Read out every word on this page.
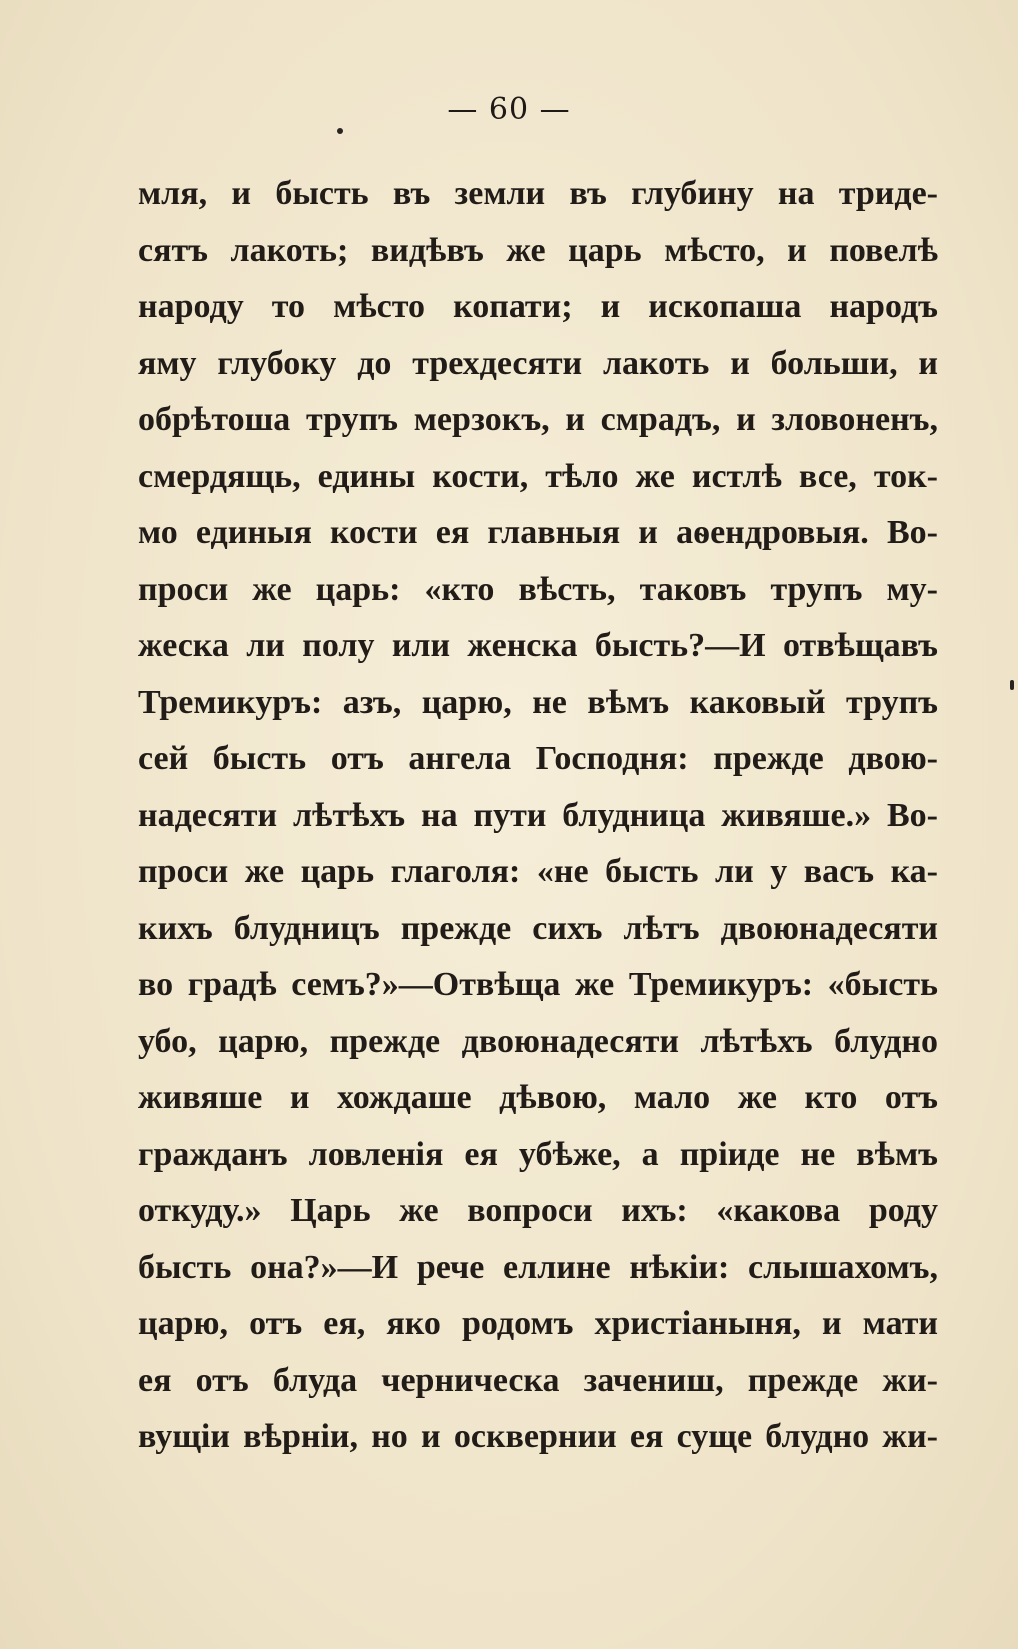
— 60 —
мля, и бысть въ земли въ глубину на триде-
сятъ лакоть; видѣвъ же царь мѣсто, и повелѣ
народу то мѣсто копати; и ископаша народъ
яму глубоку до трехдесяти лакоть и больши, и
обрѣтоша трупъ мерзокъ, и смрадъ, и зловоненъ,
смердящь, едины кости, тѣло же истлѣ все, ток-
мо единыя кости ея главныя и аѳендровыя. Во-
проси же царь: «кто вѣсть, таковъ трупъ му-
жеска ли полу или женска бысть?—И отвѣщавъ
Тремикуръ: азъ, царю, не вѣмъ каковый трупъ
сей бысть отъ ангела Господня: прежде двою-
надесяти лѣтѣхъ на пути блудница живяше.» Во-
проси же царь глаголя: «не бысть ли у васъ ка-
кихъ блудницъ прежде сихъ лѣтъ двоюнадесяти
во градѣ семъ?»—Отвѣща же Тремикуръ: «бысть
убо, царю, прежде двоюнадесяти лѣтѣхъ блудно
живяше и хождаше дѣвою, мало же кто отъ
гражданъ ловленія ея убѣже, а пріиде не вѣмъ
откуду.» Царь же вопроси ихъ: «какова роду
бысть она?»—И рече еллине нѣкіи: слышахомъ,
царю, отъ ея, яко родомъ христіаныня, и мати
ея отъ блуда черническа зачениш, прежде жи-
вущіи вѣрніи, но и осквернии ея суще блудно жи-
